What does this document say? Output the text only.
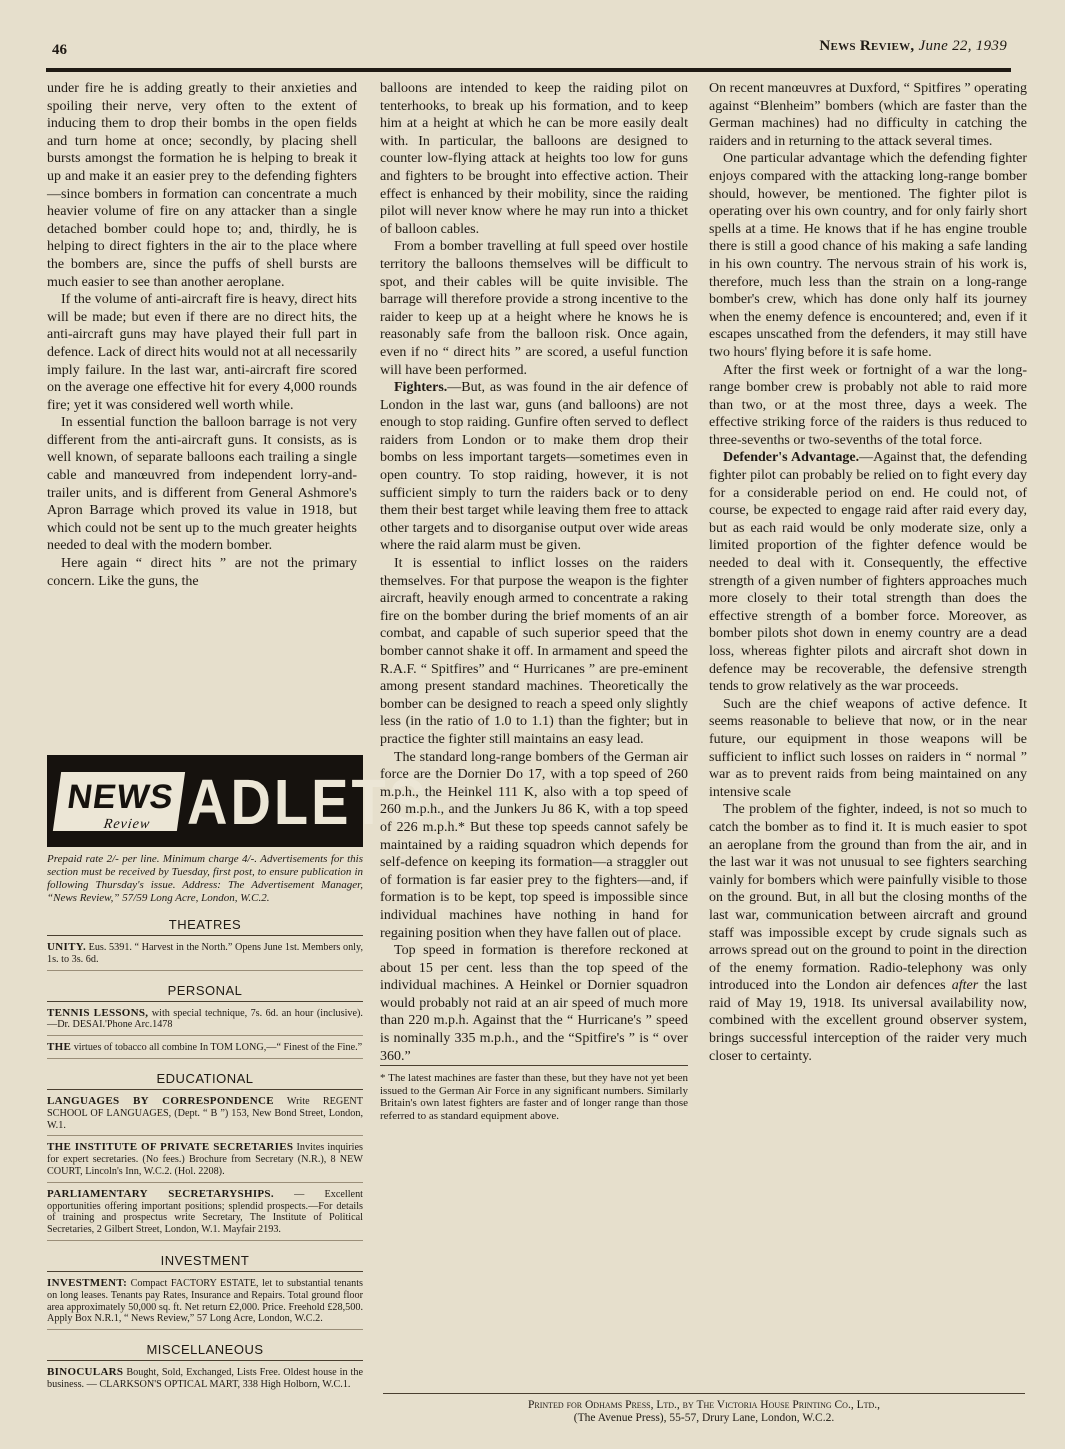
46	News Review, June 22, 1939

under fire he is adding greatly to their anxieties and spoiling their nerve, very often to the extent of inducing them to drop their bombs in the open fields and turn home at once; secondly, by placing shell bursts amongst the formation he is helping to break it up and make it an easier prey to the defending fighters—since bombers in formation can concentrate a much heavier volume of fire on any attacker than a single detached bomber could hope to; and, thirdly, he is helping to direct fighters in the air to the place where the bombers are, since the puffs of shell bursts are much easier to see than another aeroplane.

If the volume of anti-aircraft fire is heavy, direct hits will be made; but even if there are no direct hits, the anti-aircraft guns may have played their full part in defence. Lack of direct hits would not at all necessarily imply failure. In the last war, anti-aircraft fire scored on the average one effective hit for every 4,000 rounds fire; yet it was considered well worth while.

In essential function the balloon barrage is not very different from the anti-aircraft guns. It consists, as is well known, of separate balloons each trailing a single cable and manœuvred from independent lorry-and-trailer units, and is different from General Ashmore's Apron Barrage which proved its value in 1918, but which could not be sent up to the much greater heights needed to deal with the modern bomber.

Here again “ direct hits ” are not the primary concern. Like the guns, the

NEWS
Review ADLETS
Prepaid rate 2/- per line. Minimum charge 4/-. Advertisements for this section must be received by Tuesday, first post, to ensure publication in following Thursday's issue. Address: The Advertisement Manager, “News Review,” 57/59 Long Acre, London, W.C.2.
THEATRES
UNITY. Eus. 5391. “ Harvest in the North.” Opens June 1st. Members only, 1s. to 3s. 6d.
PERSONAL
TENNIS LESSONS, with special technique, 7s. 6d. an hour (inclusive).—Dr. DESAI.'Phone Arc.1478
THE virtues of tobacco all combine In TOM LONG,—“ Finest of the Fine.”
EDUCATIONAL
LANGUAGES BY CORRESPONDENCE Write REGENT SCHOOL OF LANGUAGES, (Dept. “ B ”) 153, New Bond Street, London, W.1.
THE INSTITUTE OF PRIVATE SECRETARIES Invites inquiries for expert secretaries. (No fees.) Brochure from Secretary (N.R.), 8 NEW COURT, Lincoln's Inn, W.C.2. (Hol. 2208).
PARLIAMENTARY SECRETARYSHIPS. — Excellent opportunities offering important positions; splendid prospects.—For details of training and prospectus write Secretary, The Institute of Political Secretaries, 2 Gilbert Street, London, W.1. Mayfair 2193.
INVESTMENT
INVESTMENT: Compact FACTORY ESTATE, let to substantial tenants on long leases. Tenants pay Rates, Insurance and Repairs. Total ground floor area approximately 50,000 sq. ft. Net return £2,000. Price. Freehold £28,500. Apply Box N.R.1, “ News Review,” 57 Long Acre, London, W.C.2.
MISCELLANEOUS
BINOCULARS Bought, Sold, Exchanged, Lists Free. Oldest house in the business. — CLARKSON'S OPTICAL MART, 338 High Holborn, W.C.1.

balloons are intended to keep the raiding pilot on tenterhooks, to break up his formation, and to keep him at a height at which he can be more easily dealt with. In particular, the balloons are designed to counter low-flying attack at heights too low for guns and fighters to be brought into effective action. Their effect is enhanced by their mobility, since the raiding pilot will never know where he may run into a thicket of balloon cables.

From a bomber travelling at full speed over hostile territory the balloons themselves will be difficult to spot, and their cables will be quite invisible. The barrage will therefore provide a strong incentive to the raider to keep up at a height where he knows he is reasonably safe from the balloon risk. Once again, even if no “ direct hits ” are scored, a useful function will have been performed.

Fighters.—But, as was found in the air defence of London in the last war, guns (and balloons) are not enough to stop raiding. Gunfire often served to deflect raiders from London or to make them drop their bombs on less important targets—sometimes even in open country. To stop raiding, however, it is not sufficient simply to turn the raiders back or to deny them their best target while leaving them free to attack other targets and to disorganise output over wide areas where the raid alarm must be given.

It is essential to inflict losses on the raiders themselves. For that purpose the weapon is the fighter aircraft, heavily enough armed to concentrate a raking fire on the bomber during the brief moments of an air combat, and capable of such superior speed that the bomber cannot shake it off. In armament and speed the R.A.F. “ Spitfires” and “ Hurricanes ” are pre-eminent among present standard machines. Theoretically the bomber can be designed to reach a speed only slightly less (in the ratio of 1.0 to 1.1) than the fighter; but in practice the fighter still maintains an easy lead.

The standard long-range bombers of the German air force are the Dornier Do 17, with a top speed of 260 m.p.h., the Heinkel 111 K, also with a top speed of 260 m.p.h., and the Junkers Ju 86 K, with a top speed of 226 m.p.h.* But these top speeds cannot safely be maintained by a raiding squadron which depends for self-defence on keeping its formation—a straggler out of formation is far easier prey to the fighters—and, if formation is to be kept, top speed is impossible since individual machines have nothing in hand for regaining position when they have fallen out of place.

Top speed in formation is therefore reckoned at about 15 per cent. less than the top speed of the individual machines. A Heinkel or Dornier squadron would probably not raid at an air speed of much more than 220 m.p.h. Against that the “ Hurricane's ” speed is nominally 335 m.p.h., and the “Spitfire's ” is “ over 360.”

* The latest machines are faster than these, but they have not yet been issued to the German Air Force in any significant numbers. Similarly Britain's own latest fighters are faster and of longer range than those referred to as standard equipment above.

On recent manœuvres at Duxford, “ Spitfires ” operating against “Blenheim” bombers (which are faster than the German machines) had no difficulty in catching the raiders and in returning to the attack several times.

One particular advantage which the defending fighter enjoys compared with the attacking long-range bomber should, however, be mentioned. The fighter pilot is operating over his own country, and for only fairly short spells at a time. He knows that if he has engine trouble there is still a good chance of his making a safe landing in his own country. The nervous strain of his work is, therefore, much less than the strain on a long-range bomber's crew, which has done only half its journey when the enemy defence is encountered; and, even if it escapes unscathed from the defenders, it may still have two hours' flying before it is safe home.

After the first week or fortnight of a war the long-range bomber crew is probably not able to raid more than two, or at the most three, days a week. The effective striking force of the raiders is thus reduced to three-sevenths or two-sevenths of the total force.

Defender's Advantage.—Against that, the defending fighter pilot can probably be relied on to fight every day for a considerable period on end. He could not, of course, be expected to engage raid after raid every day, but as each raid would be only moderate size, only a limited proportion of the fighter defence would be needed to deal with it. Consequently, the effective strength of a given number of fighters approaches much more closely to their total strength than does the effective strength of a bomber force. Moreover, as bomber pilots shot down in enemy country are a dead loss, whereas fighter pilots and aircraft shot down in defence may be recoverable, the defensive strength tends to grow relatively as the war proceeds.

Such are the chief weapons of active defence. It seems reasonable to believe that now, or in the near future, our equipment in those weapons will be sufficient to inflict such losses on raiders in “ normal ” war as to prevent raids from being maintained on any intensive scale

The problem of the fighter, indeed, is not so much to catch the bomber as to find it. It is much easier to spot an aeroplane from the ground than from the air, and in the last war it was not unusual to see fighters searching vainly for bombers which were painfully visible to those on the ground. But, in all but the closing months of the last war, communication between aircraft and ground staff was impossible except by crude signals such as arrows spread out on the ground to point in the direction of the enemy formation. Radio-telephony was only introduced into the London air defences after the last raid of May 19, 1918. Its universal availability now, combined with the excellent ground observer system, brings successful interception of the raider very much closer to certainty.

Printed for Odhams Press, Ltd., by The Victoria House Printing Co., Ltd.,
(The Avenue Press), 55-57, Drury Lane, London, W.C.2.
